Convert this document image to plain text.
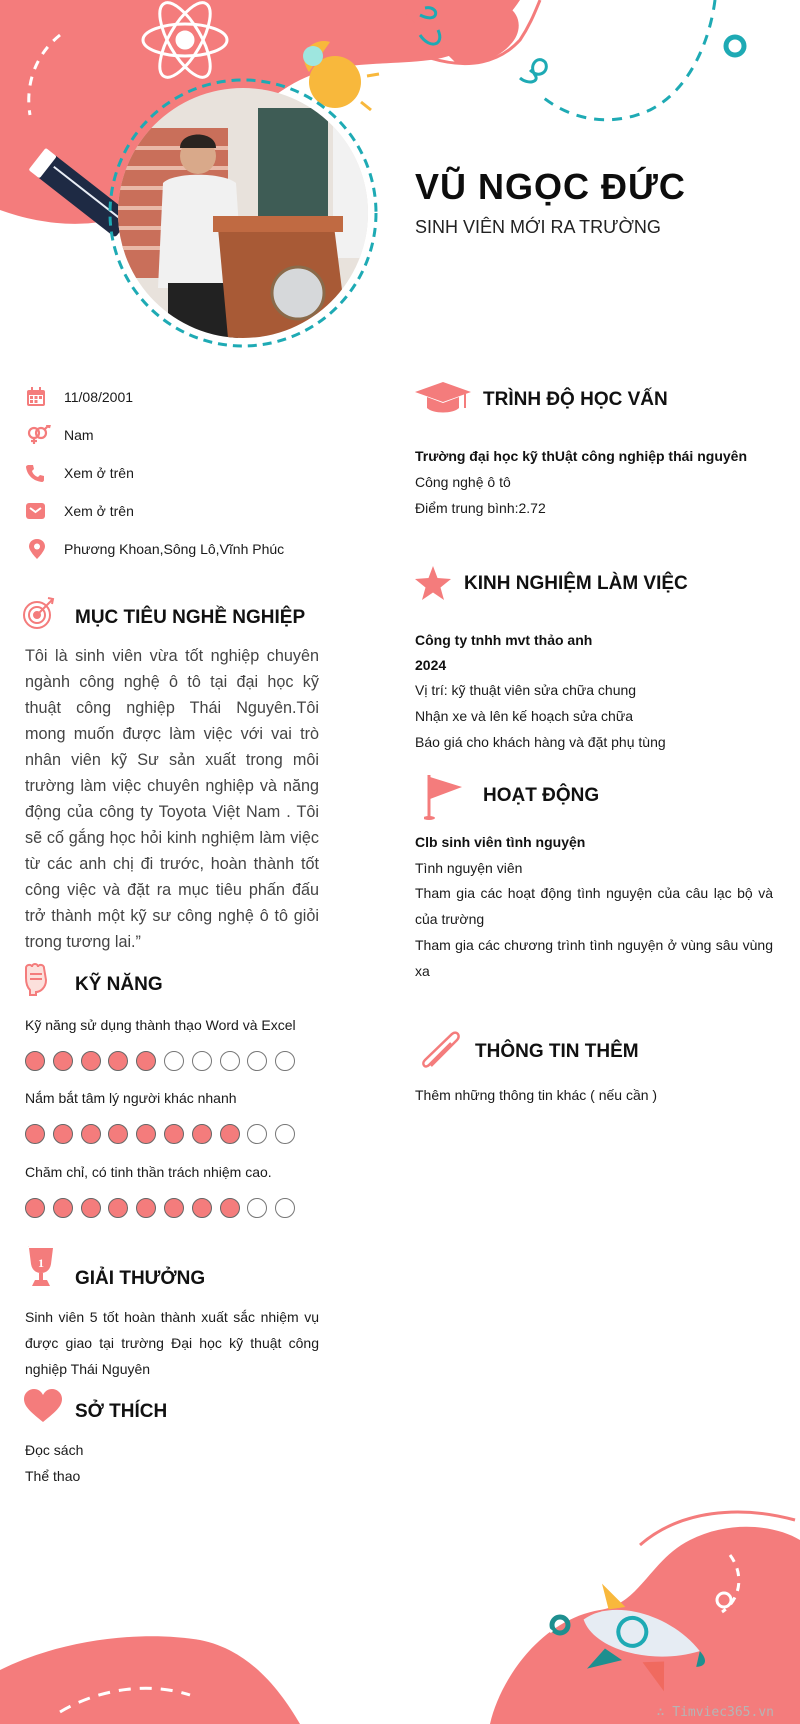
VŨ NGỌC ĐỨC
SINH VIÊN MỚI RA TRƯỜNG
11/08/2001
Nam
Xem ở trên
Xem ở trên
Phương Khoan,Sông Lô,Vĩnh Phúc
MỤC TIÊU NGHỀ NGHIỆP
Tôi là sinh viên vừa tốt nghiệp chuyên ngành công nghệ ô tô tại đại học kỹ thuật công nghiệp Thái Nguyên.Tôi mong muốn được làm việc với vai trò nhân viên kỹ Sư sản xuất trong môi trường làm việc chuyên nghiệp và năng động của công ty Toyota Việt Nam . Tôi sẽ cố gắng học hỏi kinh nghiệm làm việc từ các anh chị đi trước, hoàn thành tốt công việc và đặt ra mục tiêu phấn đấu trở thành một kỹ sư công nghệ ô tô giỏi trong tương lai.”
KỸ NĂNG
Kỹ năng sử dụng thành thạo Word và Excel
Nắm bắt tâm lý người khác nhanh
Chăm chỉ, có tinh thần trách nhiệm cao.
1
GIẢI THƯỞNG
Sinh viên 5 tốt hoàn thành xuất sắc nhiệm vụ được giao tại trường Đại học kỹ thuật công nghiệp Thái Nguyên
SỞ THÍCH
Đọc sách
Thể thao
TRÌNH ĐỘ HỌC VẤN
Trường đại học kỹ thUật công nghiệp thái nguyên
Công nghệ ô tô
Điểm trung bình:2.72
KINH NGHIỆM LÀM VIỆC
Công ty tnhh mvt thảo anh
2024
Vị trí: kỹ thuật viên sửa chữa chung
Nhận xe và lên kế hoạch sửa chữa
Báo giá cho khách hàng và đặt phụ tùng
HOẠT ĐỘNG
Clb sinh viên tình nguyện
Tình nguyện viên
Tham gia các hoạt động tình nguyện của câu lạc bộ và của trường
Tham gia các chương trình tình nguyện ở vùng sâu vùng xa
THÔNG TIN THÊM
Thêm những thông tin khác ( nếu cần )
∴ Timviec365.vn
